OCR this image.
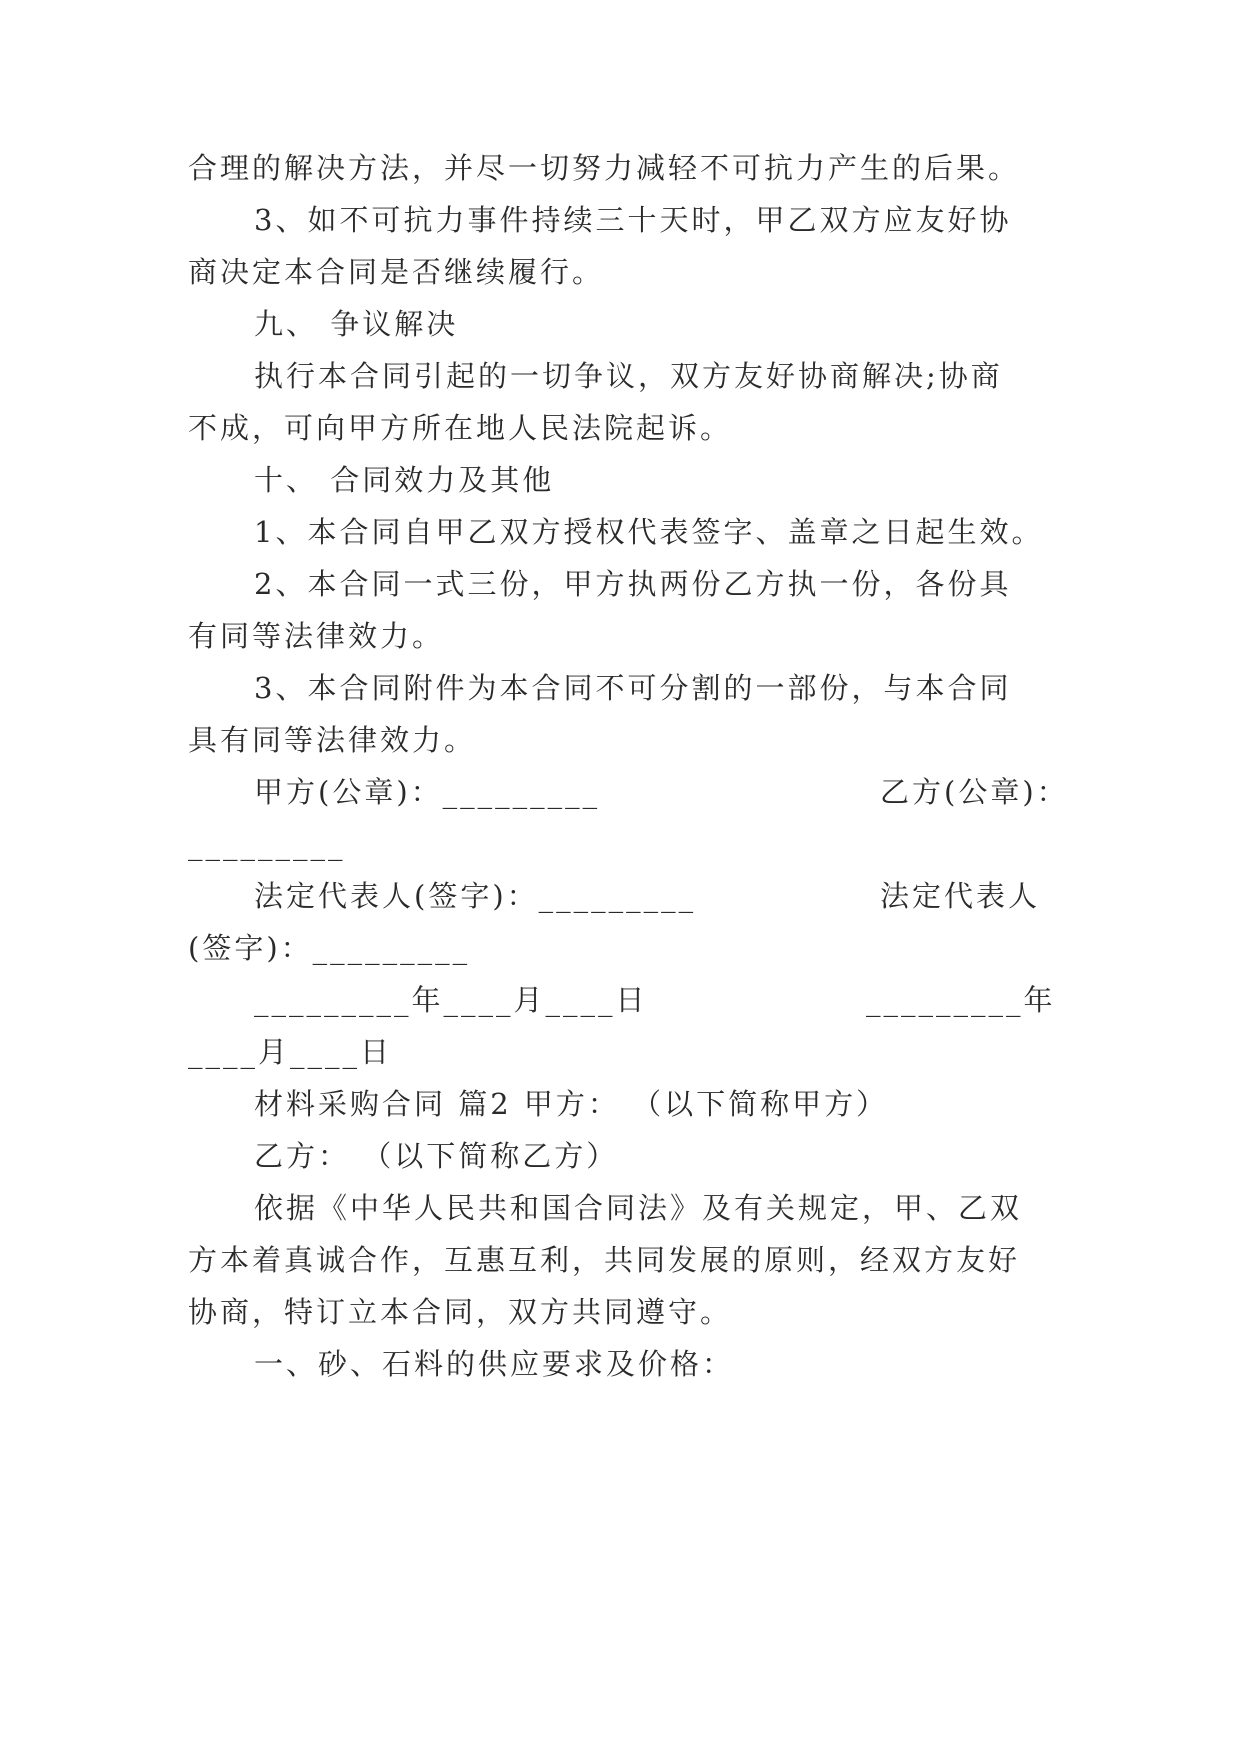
合理的解决方法，并尽一切努力减轻不可抗力产生的后果。
3、如不可抗力事件持续三十天时，甲乙双方应友好协
商决定本合同是否继续履行。
九、 争议解决
执行本合同引起的一切争议，双方友好协商解决;协商
不成，可向甲方所在地人民法院起诉。
十、 合同效力及其他
1、本合同自甲乙双方授权代表签字、盖章之日起生效。
2、本合同一式三份，甲方执两份乙方执一份，各份具
有同等法律效力。
3、本合同附件为本合同不可分割的一部份，与本合同
具有同等法律效力。
甲方(公章)：_________	乙方(公章)：
_________
法定代表人(签字)：_________	法定代表人
(签字)：_________
_________年____月____日	_________年
____月____日
材料采购合同 篇2 甲方： （以下简称甲方）
乙方： （以下简称乙方）
依据《中华人民共和国合同法》及有关规定，甲、乙双
方本着真诚合作，互惠互利，共同发展的原则，经双方友好
协商，特订立本合同，双方共同遵守。
一、砂、石料的供应要求及价格：
